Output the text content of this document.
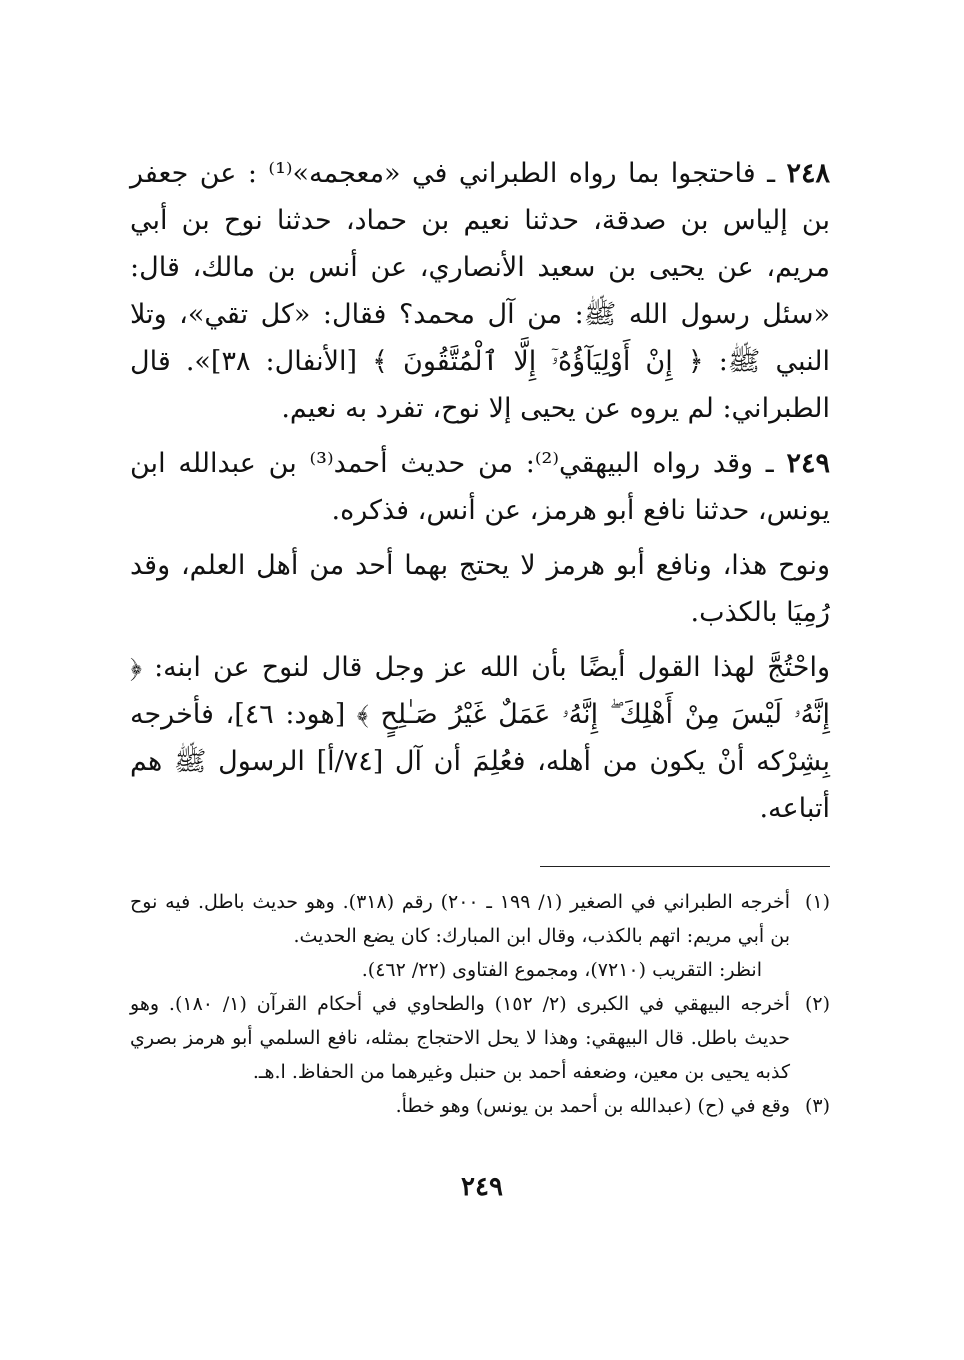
٢٤٨ ـ فاحتجوا بما رواه الطبراني في «معجمه»⁽¹⁾ : عن جعفر بن إلياس بن صدقة، حدثنا نعيم بن حماد، حدثنا نوح بن أبي مريم، عن يحيى بن سعيد الأنصاري، عن أنس بن مالك، قال: «سئل رسول الله ﷺ: من آل محمد؟ فقال: «كل تقي»، وتلا النبي ﷺ: ﴿ إِنْ أَوْلِيَآؤُهُۥٓ إِلَّا ٱلْمُتَّقُونَ ﴾ [الأنفال: ٣٨]». قال الطبراني: لم يروه عن يحيى إلا نوح، تفرد به نعيم.

٢٤٩ ـ وقد رواه البيهقي⁽²⁾: من حديث أحمد⁽³⁾ بن عبدالله ابن يونس، حدثنا نافع أبو هرمز، عن أنس، فذكره.

ونوح هذا، ونافع أبو هرمز لا يحتج بهما أحد من أهل العلم، وقد رُمِيَا بالكذب.

واحْتُجَّ لهذا القول أيضًا بأن الله عز وجل قال لنوح عن ابنه: ﴿ إِنَّهُۥ لَيْسَ مِنْ أَهْلِكَ ۖ إِنَّهُۥ عَمَلٌ غَيْرُ صَـٰلِحٍ ﴾ [هود: ٤٦]، فأخرجه بِشِرْكه أنْ يكون من أهله، فعُلِمَ أن آل [٧٤/أ] الرسول ﷺ هم أتباعه.

(١)
أخرجه الطبراني في الصغير (١/ ١٩٩ ـ ٢٠٠) رقم (٣١٨). وهو حديث باطل. فيه نوح بن أبي مريم: اتهم بالكذب، وقال ابن المبارك: كان يضع الحديث.
انظر: التقريب (٧٢١٠)، ومجموع الفتاوى (٢٢/ ٤٦٢).
(٢)
أخرجه البيهقي في الكبرى (٢/ ١٥٢) والطحاوي في أحكام القرآن (١/ ١٨٠). وهو حديث باطل. قال البيهقي: وهذا لا يحل الاحتجاج بمثله، نافع السلمي أبو هرمز بصري كذبه يحيى بن معين، وضعفه أحمد بن حنبل وغيرهما من الحفاظ. ا.هـ.
(٣)
وقع في (ح) (عبدالله بن أحمد بن يونس) وهو خطأ.
٢٤٩
